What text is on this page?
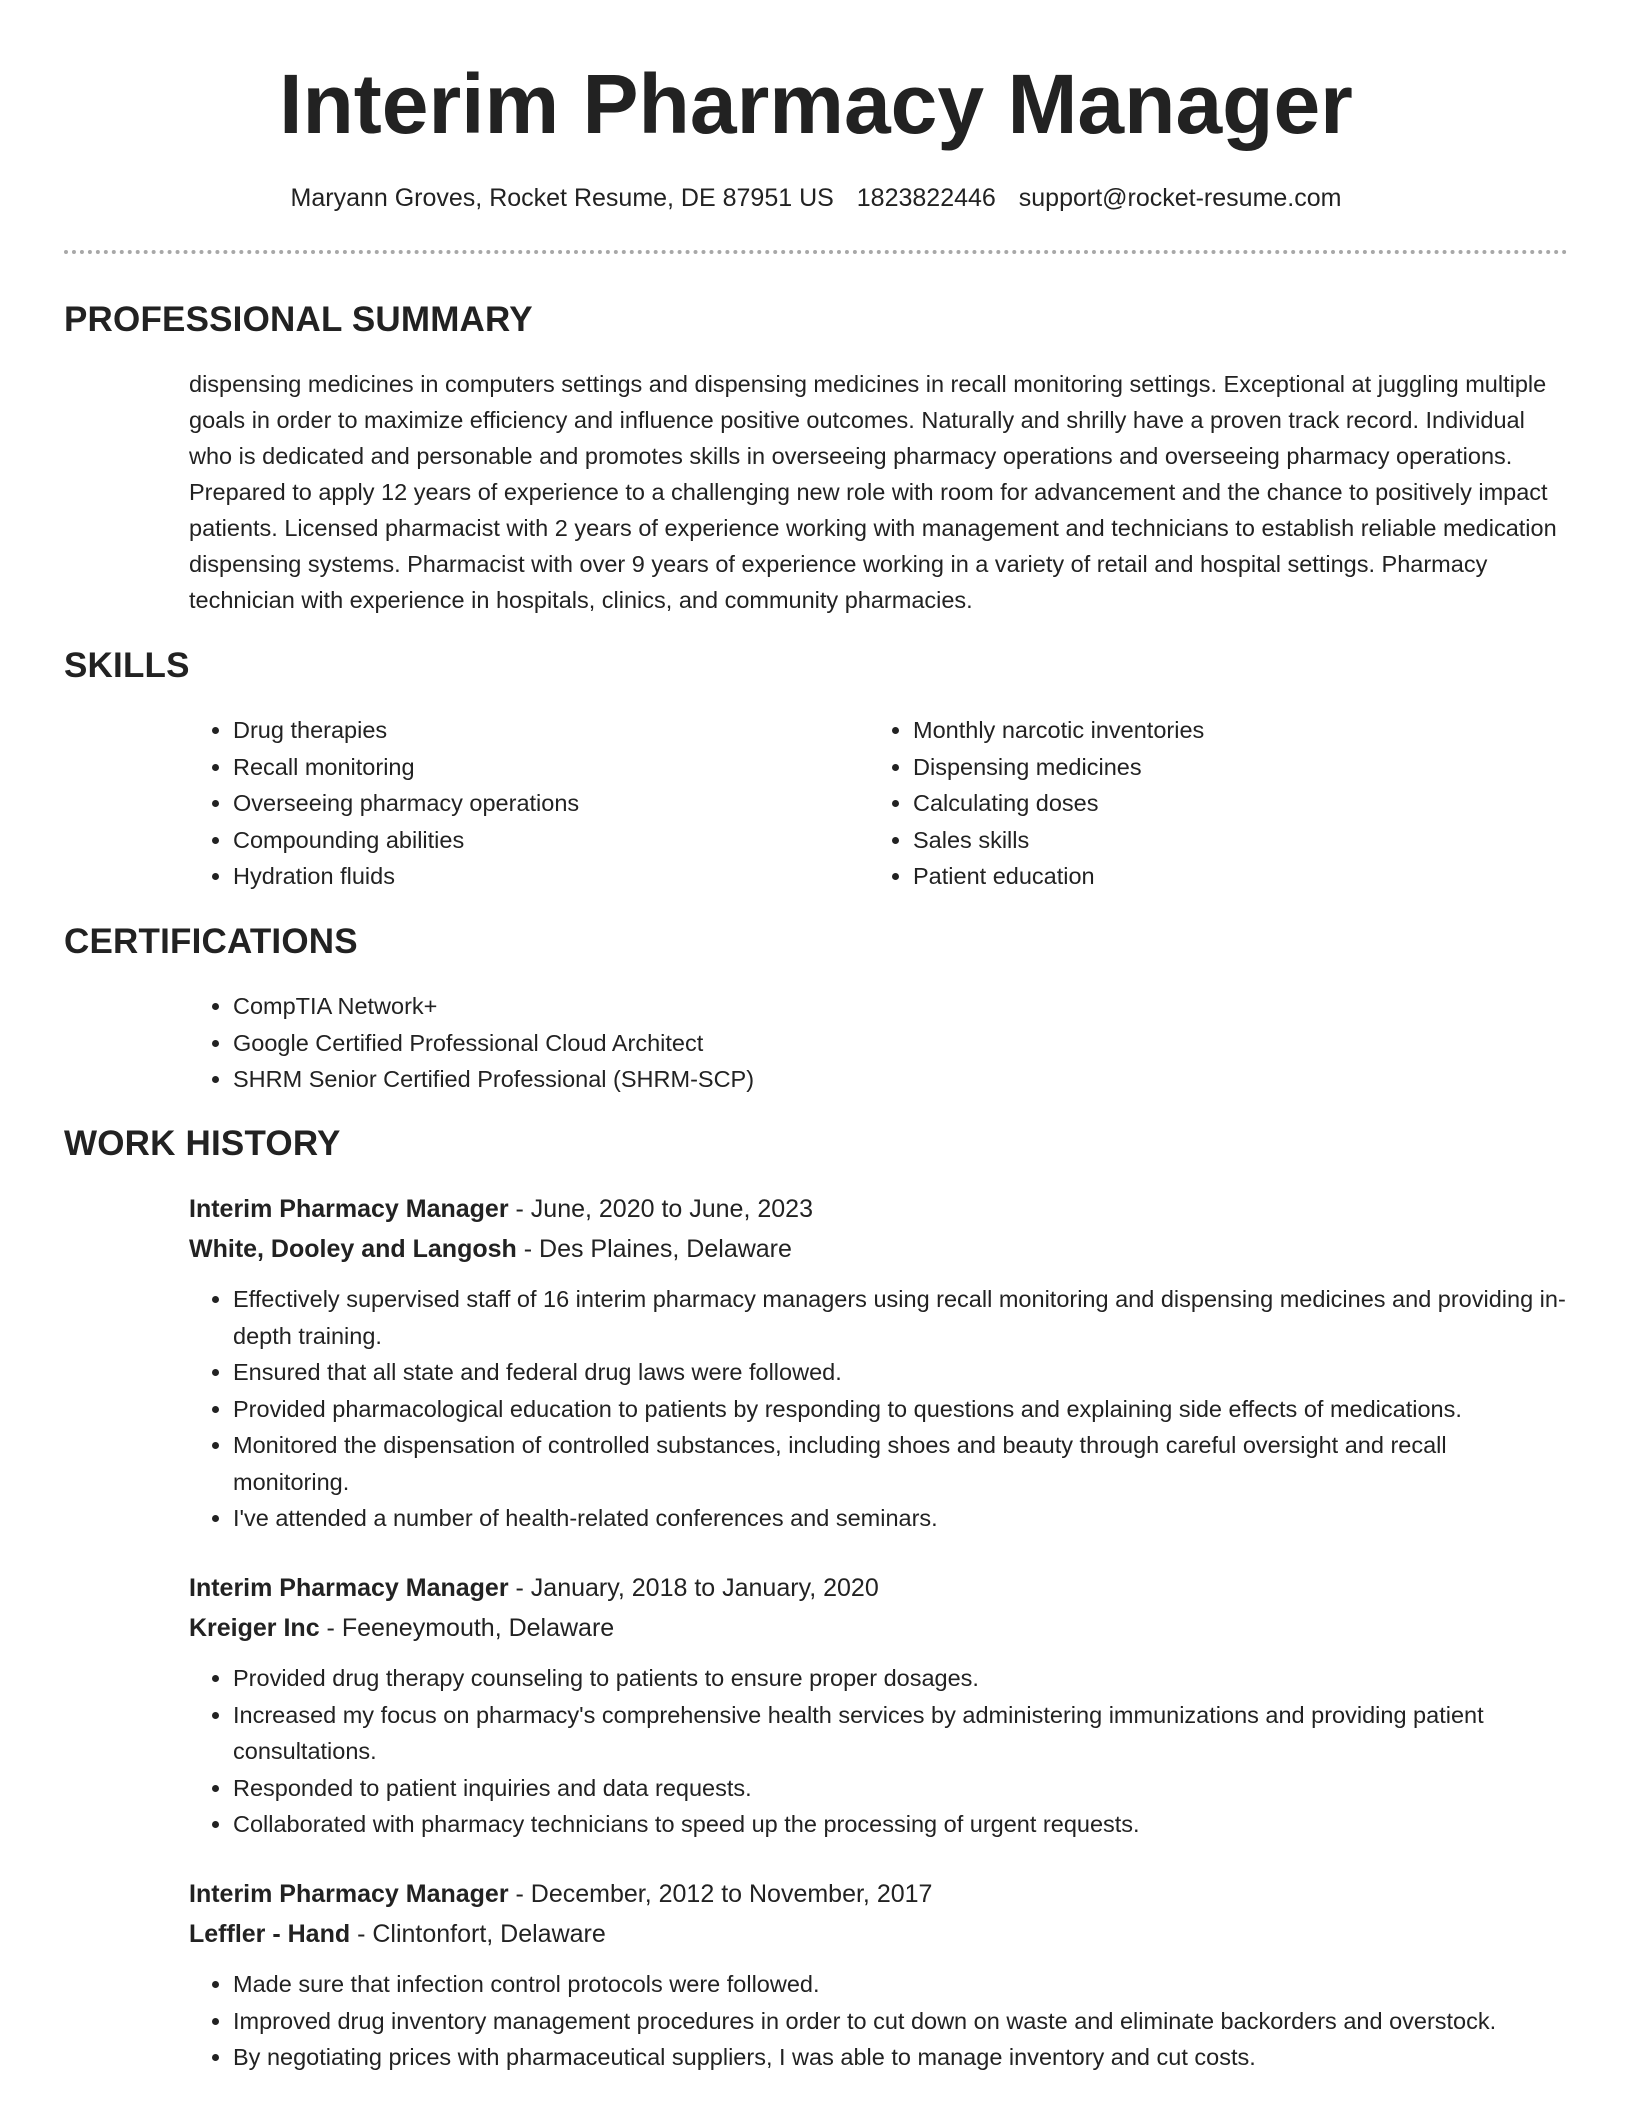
Interim Pharmacy Manager
Maryann Groves, Rocket Resume, DE 87951 US 1823822446 support@rocket-resume.com
PROFESSIONAL SUMMARY

dispensing medicines in computers settings and dispensing medicines in recall monitoring settings. Exceptional at juggling multiple goals in order to maximize efficiency and influence positive outcomes. Naturally and shrilly have a proven track record. Individual who is dedicated and personable and promotes skills in overseeing pharmacy operations and overseeing pharmacy operations. Prepared to apply 12 years of experience to a challenging new role with room for advancement and the chance to positively impact patients. Licensed pharmacist with 2 years of experience working with management and technicians to establish reliable medication dispensing systems. Pharmacist with over 9 years of experience working in a variety of retail and hospital settings. Pharmacy technician with experience in hospitals, clinics, and community pharmacies.

SKILLS
• Drug therapies
• Recall monitoring
• Overseeing pharmacy operations
• Compounding abilities
• Hydration fluids
• Monthly narcotic inventories
• Dispensing medicines
• Calculating doses
• Sales skills
• Patient education
CERTIFICATIONS
• CompTIA Network+
• Google Certified Professional Cloud Architect
• SHRM Senior Certified Professional (SHRM-SCP)
WORK HISTORY
Interim Pharmacy Manager - June, 2020 to June, 2023
White, Dooley and Langosh - Des Plaines, Delaware
• Effectively supervised staff of 16 interim pharmacy managers using recall monitoring and dispensing medicines and providing in-depth training.
• Ensured that all state and federal drug laws were followed.
• Provided pharmacological education to patients by responding to questions and explaining side effects of medications.
• Monitored the dispensation of controlled substances, including shoes and beauty through careful oversight and recall monitoring.
• I've attended a number of health-related conferences and seminars.
Interim Pharmacy Manager - January, 2018 to January, 2020
Kreiger Inc - Feeneymouth, Delaware
• Provided drug therapy counseling to patients to ensure proper dosages.
• Increased my focus on pharmacy's comprehensive health services by administering immunizations and providing patient consultations.
• Responded to patient inquiries and data requests.
• Collaborated with pharmacy technicians to speed up the processing of urgent requests.
Interim Pharmacy Manager - December, 2012 to November, 2017
Leffler - Hand - Clintonfort, Delaware
• Made sure that infection control protocols were followed.
• Improved drug inventory management procedures in order to cut down on waste and eliminate backorders and overstock.
• By negotiating prices with pharmaceutical suppliers, I was able to manage inventory and cut costs.
